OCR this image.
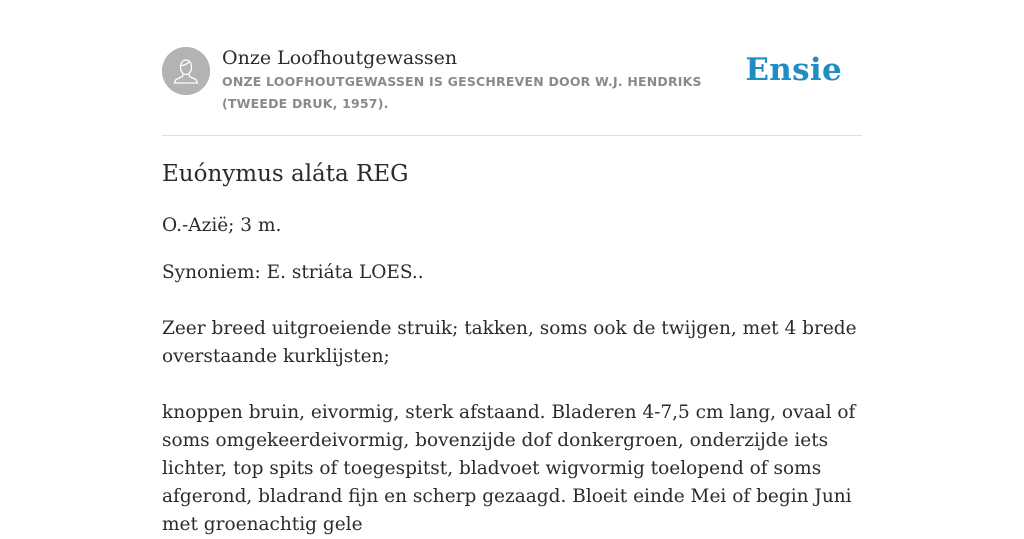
Onze Loofhoutgewassen
ONZE LOOFHOUTGEWASSEN IS GESCHREVEN DOOR W.J. HENDRIKS (TWEEDE DRUK, 1957).
Ensie
Euónymus aláta REG
O.-Azië; 3 m.
Synoniem: E. striáta LOES..
Zeer breed uitgroeiende struik; takken, soms ook de twijgen, met 4 brede overstaande kurklijsten;
knoppen bruin, eivormig, sterk afstaand. Bladeren 4-7,5 cm lang, ovaal of soms omgekeerdeivormig, bovenzijde dof donkergroen, onderzijde iets lichter, top spits of toegespitst, bladvoet wigvormig toelopend of soms afgerond, bladrand fijn en scherp gezaagd. Bloeit einde Mei of begin Juni met groenachtig gele
